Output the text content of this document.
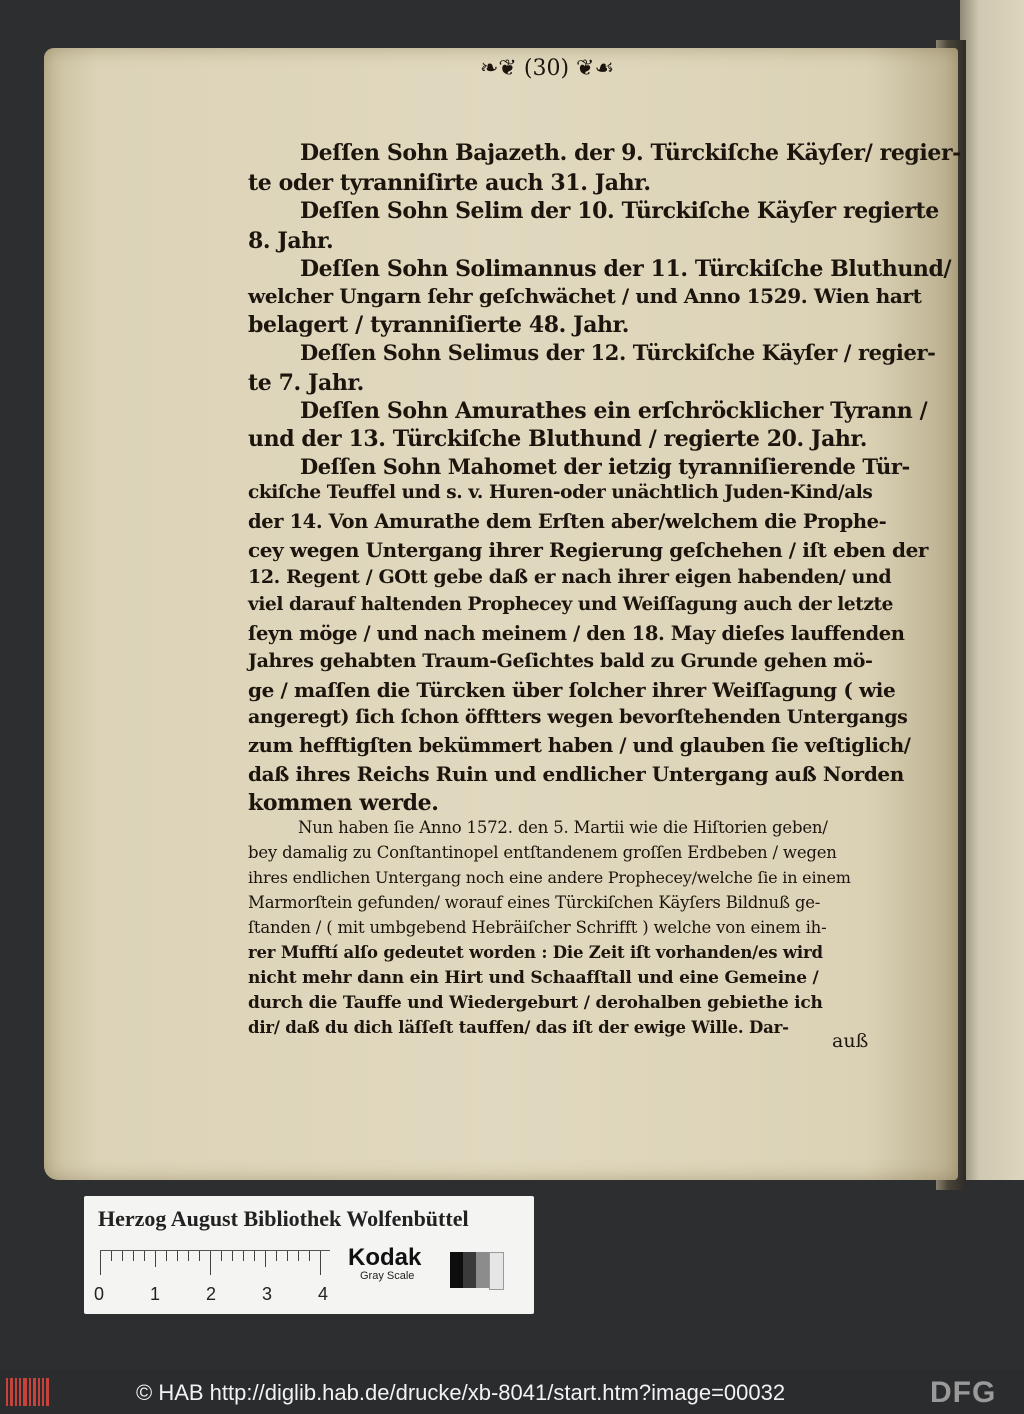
❧❦ (30) ❦☙
Deſſen Sohn Bajazeth. der 9. Türckiſche Käyſer/ regier-
te oder tyranniſirte auch 31. Jahr.
Deſſen Sohn Selim der 10. Türckiſche Käyſer regierte
8. Jahr.
Deſſen Sohn Solimannus der 11. Türckiſche Bluthund/
welcher Ungarn ſehr geſchwächet / und Anno 1529. Wien hart
belagert / tyranniſierte 48. Jahr.
Deſſen Sohn Selimus der 12. Türckiſche Käyſer / regier-
te 7. Jahr.
Deſſen Sohn Amurathes ein erſchröcklicher Tyrann /
und der 13. Türckiſche Bluthund / regierte 20. Jahr.
Deſſen Sohn Mahomet der ietzig tyranniſierende Tür-
ckiſche Teuffel und s. v. Huren-oder unächtlich Juden-Kind/als
der 14. Von Amurathe dem Erſten aber/welchem die Prophe-
cey wegen Untergang ihrer Regierung geſchehen / iſt eben der
12. Regent / GOtt gebe daß er nach ihrer eigen habenden/ und
viel darauf haltenden Prophecey und Weiſſagung auch der letzte
ſeyn möge / und nach meinem / den 18. May dieſes lauffenden
Jahres gehabten Traum-Geſichtes bald zu Grunde gehen mö-
ge / maſſen die Türcken über ſolcher ihrer Weiſſagung ( wie
angeregt) ſich ſchon öfftters wegen bevorſtehenden Untergangs
zum hefftigſten bekümmert haben / und glauben ſie veſtiglich/
daß ihres Reichs Ruin und endlicher Untergang auß Norden
kommen werde.
Nun haben ſie Anno 1572. den 5. Martii wie die Hiſtorien geben/
bey damalig zu Conſtantinopel entſtandenem groſſen Erdbeben / wegen
ihres endlichen Untergang noch eine andere Prophecey/welche ſie in einem
Marmorſtein gefunden/ worauf eines Türckiſchen Käyſers Bildnuß ge-
ſtanden / ( mit umbgebend Hebräiſcher Schrifft ) welche von einem ih-
rer Mufftí alſo gedeutet worden : Die Zeit iſt vorhanden/es wird
nicht mehr dann ein Hirt und Schaafſtall und eine Gemeine /
durch die Tauffe und Wiedergeburt / derohalben gebiethe ich
dir/ daß du dich läſſeſt tauffen/ das iſt der ewige Wille. Dar-
auß
Herzog August Bibliothek Wolfenbüttel
0	1	2	3	4
Kodak
Gray Scale
© HAB http://diglib.hab.de/drucke/xb-8041/start.htm?image=00032	DFG
